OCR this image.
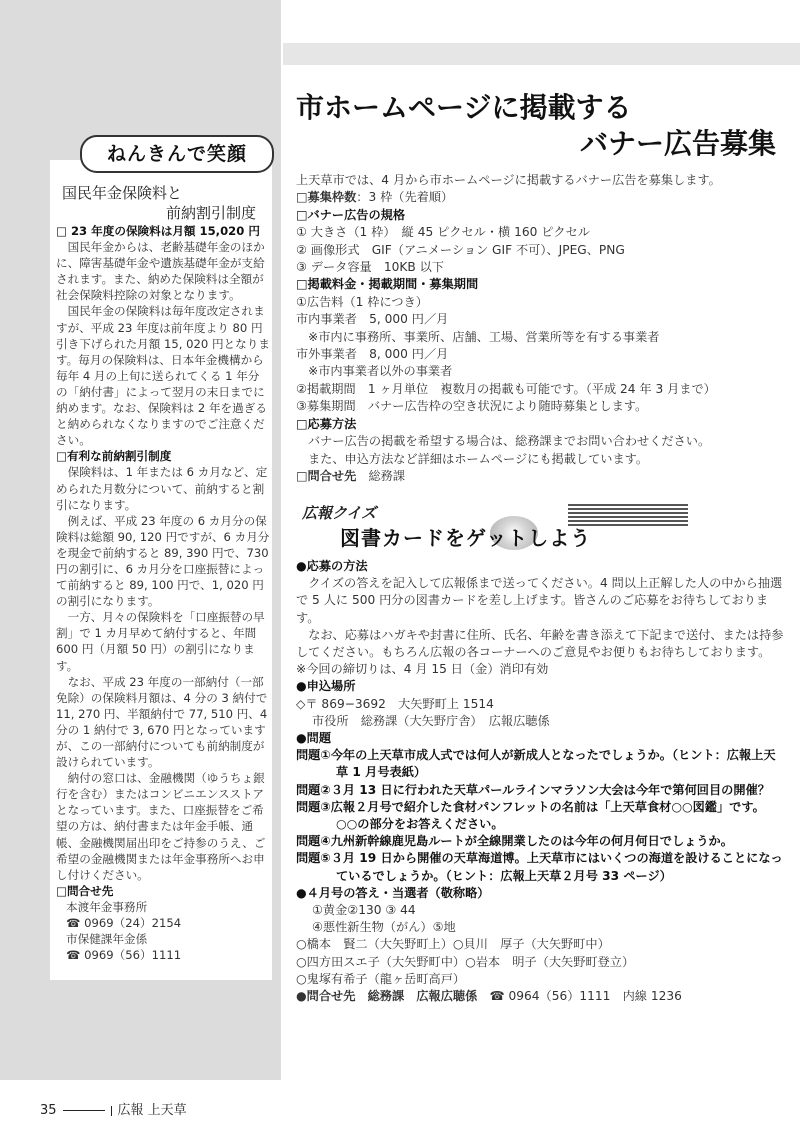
ねんきんで笑顔
国民年金保険料と
前納割引制度

□ 23 年度の保険料は月額 15,020 円

国民年金からは、老齢基礎年金のほかに、障害基礎年金や遺族基礎年金が支給されます。また、納めた保険料は全額が社会保険料控除の対象となります。

国民年金の保険料は毎年度改定されますが、平成 23 年度は前年度より 80 円引き下げられた月額 15, 020 円となります。毎月の保険料は、日本年金機構から毎年 4 月の上旬に送られてくる 1 年分の「納付書」によって翌月の末日までに納めます。なお、保険料は 2 年を過ぎると納められなくなりますのでご注意ください。

□有利な前納割引制度

保険料は、1 年または 6 カ月など、定められた月数分について、前納すると割引になります。

例えば、平成 23 年度の 6 カ月分の保険料は総額 90, 120 円ですが、6 カ月分を現金で前納すると 89, 390 円で、730 円の割引に、6 カ月分を口座振替によって前納すると 89, 100 円で、1, 020 円の割引になります。

一方、月々の保険料を「口座振替の早割」で 1 カ月早めて納付すると、年間 600 円（月額 50 円）の割引になります。

なお、平成 23 年度の一部納付（一部免除）の保険料月額は、4 分の 3 納付で 11, 270 円、半額納付で 77, 510 円、4 分の 1 納付で 3, 670 円となっていますが、この一部納付についても前納制度が設けられています。

納付の窓口は、金融機関（ゆうちょ銀行を含む）またはコンビニエンスストアとなっています。また、口座振替をご希望の方は、納付書または年金手帳、通帳、金融機関届出印をご持参のうえ、ご希望の金融機関または年金事務所へお申し付けください。

□問合せ先

本渡年金事務所

☎ 0969（24）2154

市保健課年金係

☎ 0969（56）1111

市ホームページに掲載する
バナー広告募集

上天草市では、4 月から市ホームページに掲載するバナー広告を募集します。

□募集枠数：3 枠（先着順）

□バナー広告の規格

① 大きさ（1 枠）　縦 45 ピクセル・横 160 ピクセル

② 画像形式　GIF（アニメーション GIF 不可）、JPEG、PNG

③ データ容量　10KB 以下

□掲載料金・掲載期間・募集期間

①広告料（1 枠につき）

市内事業者　5, 000 円／月

※市内に事務所、事業所、店舗、工場、営業所等を有する事業者

市外事業者　8, 000 円／月

※市内事業者以外の事業者

②掲載期間　1 ヶ月単位　複数月の掲載も可能です。（平成 24 年 3 月まで）

③募集期間　バナー広告枠の空き状況により随時募集とします。

□応募方法

バナー広告の掲載を希望する場合は、総務課までお問い合わせください。

また、申込方法など詳細はホームページにも掲載しています。

□問合せ先　総務課

広報クイズ
図書カードをゲットしよう

●応募の方法

クイズの答えを記入して広報係まで送ってください。4 問以上正解した人の中から抽選で 5 人に 500 円分の図書カードを差し上げます。皆さんのご応募をお待ちしております。

なお、応募はハガキや封書に住所、氏名、年齢を書き添えて下記まで送付、または持参してください。もちろん広報の各コーナーへのご意見やお便りもお待ちしております。

※今回の締切りは、4 月 15 日（金）消印有効

●申込場所

◇〒 869−3692　大矢野町上 1514

市役所　総務課（大矢野庁舎）　広報広聴係

●問題

問題①今年の上天草市成人式では何人が新成人となったでしょうか。（ヒント：広報上天草 1 月号表紙）

問題②３月 13 日に行われた天草パールラインマラソン大会は今年で第何回目の開催？

問題③広報２月号で紹介した食材パンフレットの名前は「上天草食材○○図鑑」です。○○の部分をお答えください。

問題④九州新幹線鹿児島ルートが全線開業したのは今年の何月何日でしょうか。

問題⑤３月 19 日から開催の天草海道博。上天草市にはいくつの海道を設けることになっているでしょうか。（ヒント：広報上天草２月号 33 ページ）

●４月号の答え・当選者（敬称略）

①黄金②130 ③ 44

④悪性新生物（がん）⑤地

○橋本　賢二（大矢野町上）○貝川　厚子（大矢野町中）

○四方田スエ子（大矢野町中）○岩本　明子（大矢野町登立）

○鬼塚有希子（龍ヶ岳町高戸）

●問合せ先　総務課　広報広聴係　☎ 0964（56）1111　内線 1236

35	広報 上天草
